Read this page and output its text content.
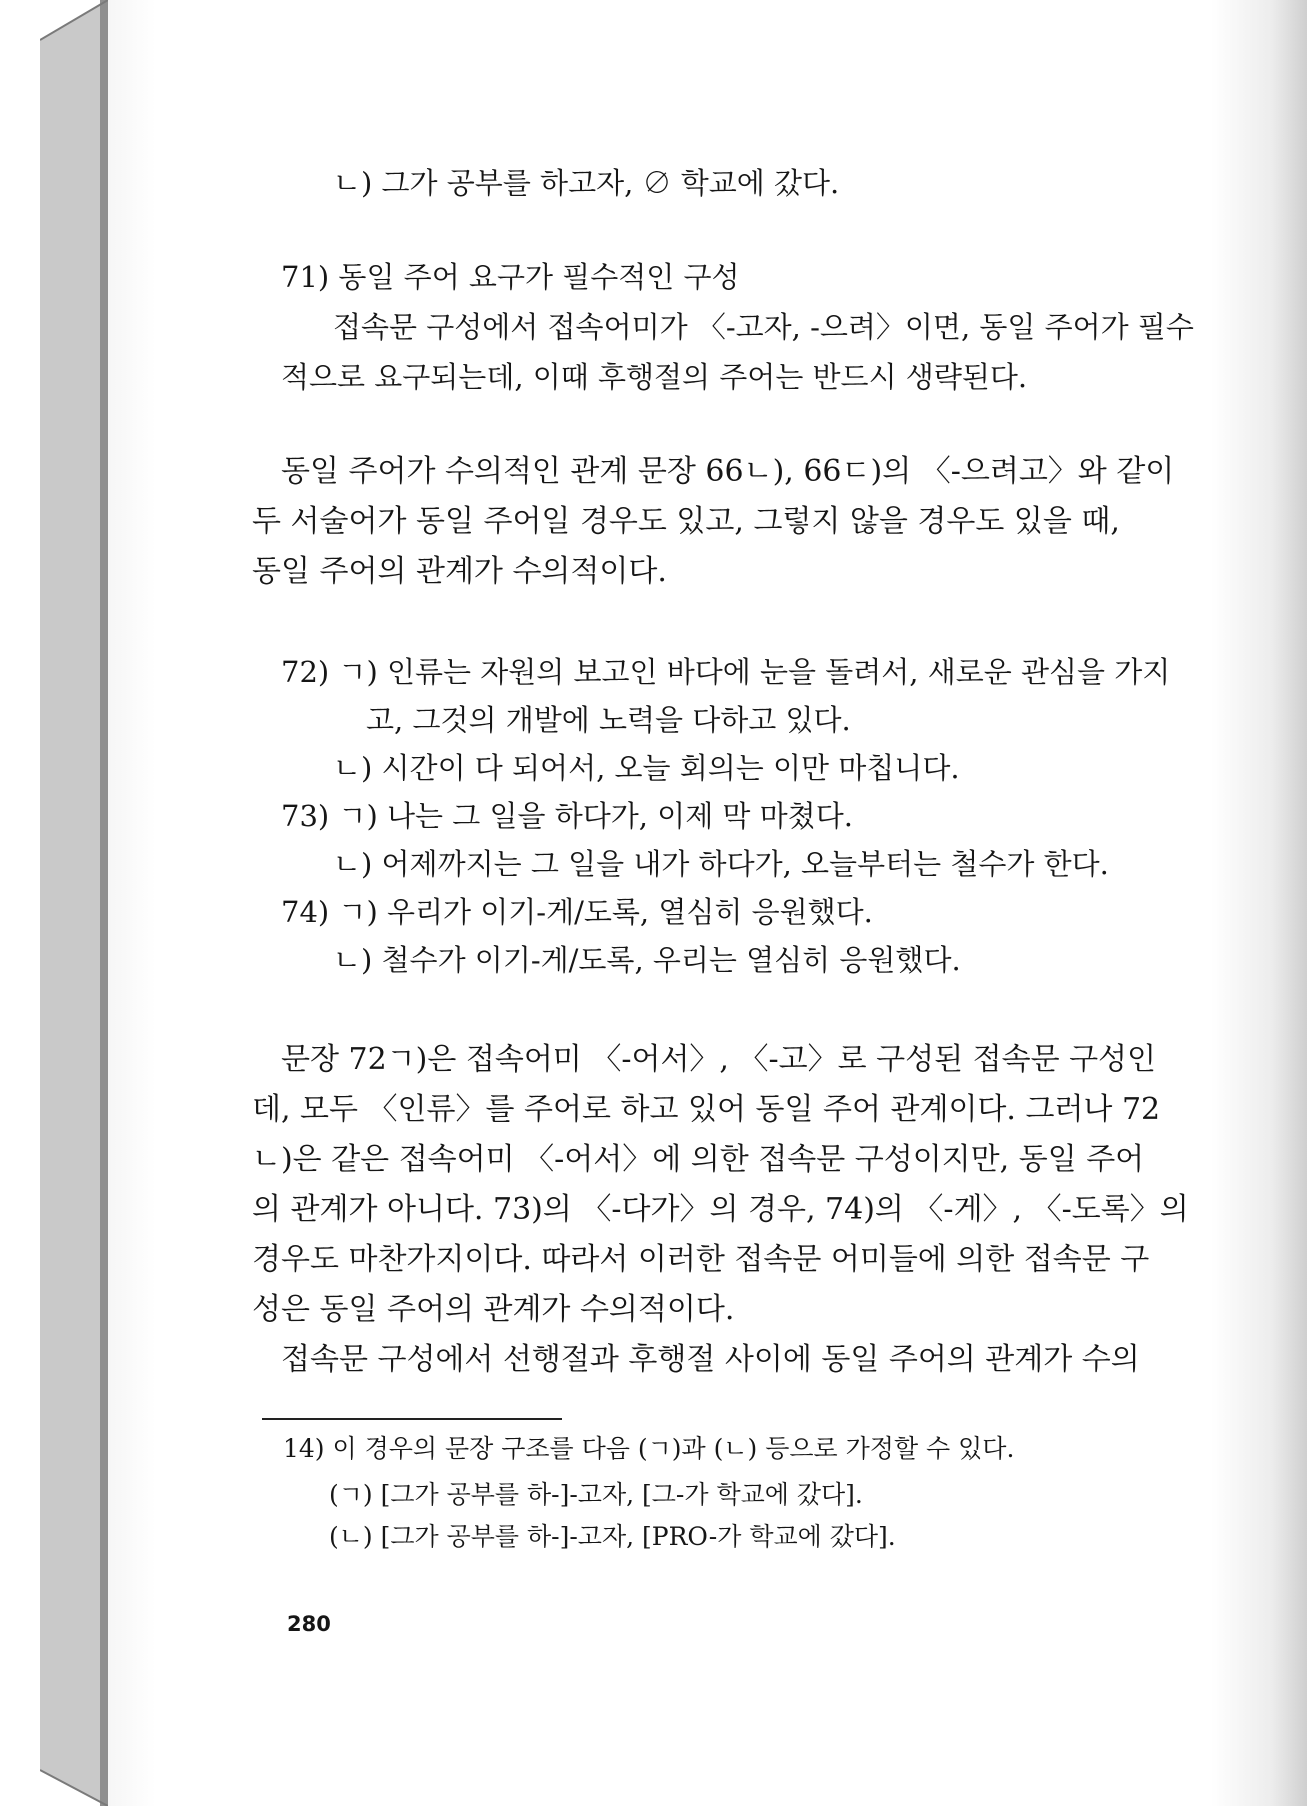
ㄴ) 그가 공부를 하고자, ∅ 학교에 갔다.
71) 동일 주어 요구가 필수적인 구성
접속문 구성에서 접속어미가 〈-고자, -으려〉이면, 동일 주어가 필수
적으로 요구되는데, 이때 후행절의 주어는 반드시 생략된다.
동일 주어가 수의적인 관계 문장 66ㄴ), 66ㄷ)의 〈-으려고〉와 같이
두 서술어가 동일 주어일 경우도 있고, 그렇지 않을 경우도 있을 때,
동일 주어의 관계가 수의적이다.
72) ㄱ) 인류는 자원의 보고인 바다에 눈을 돌려서, 새로운 관심을 가지
고, 그것의 개발에 노력을 다하고 있다.
ㄴ) 시간이 다 되어서, 오늘 회의는 이만 마칩니다.
73) ㄱ) 나는 그 일을 하다가, 이제 막 마쳤다.
ㄴ) 어제까지는 그 일을 내가 하다가, 오늘부터는 철수가 한다.
74) ㄱ) 우리가 이기-게/도록, 열심히 응원했다.
ㄴ) 철수가 이기-게/도록, 우리는 열심히 응원했다.
문장 72ㄱ)은 접속어미 〈-어서〉, 〈-고〉로 구성된 접속문 구성인
데, 모두 〈인류〉를 주어로 하고 있어 동일 주어 관계이다. 그러나 72
ㄴ)은 같은 접속어미 〈-어서〉에 의한 접속문 구성이지만, 동일 주어
의 관계가 아니다. 73)의 〈-다가〉의 경우, 74)의 〈-게〉, 〈-도록〉의
경우도 마찬가지이다. 따라서 이러한 접속문 어미들에 의한 접속문 구
성은 동일 주어의 관계가 수의적이다.
접속문 구성에서 선행절과 후행절 사이에 동일 주어의 관계가 수의
14) 이 경우의 문장 구조를 다음 (ㄱ)과 (ㄴ) 등으로 가정할 수 있다.
(ㄱ) [그가 공부를 하-]-고자, [그-가 학교에 갔다].
(ㄴ) [그가 공부를 하-]-고자, [PRO-가 학교에 갔다].
280
